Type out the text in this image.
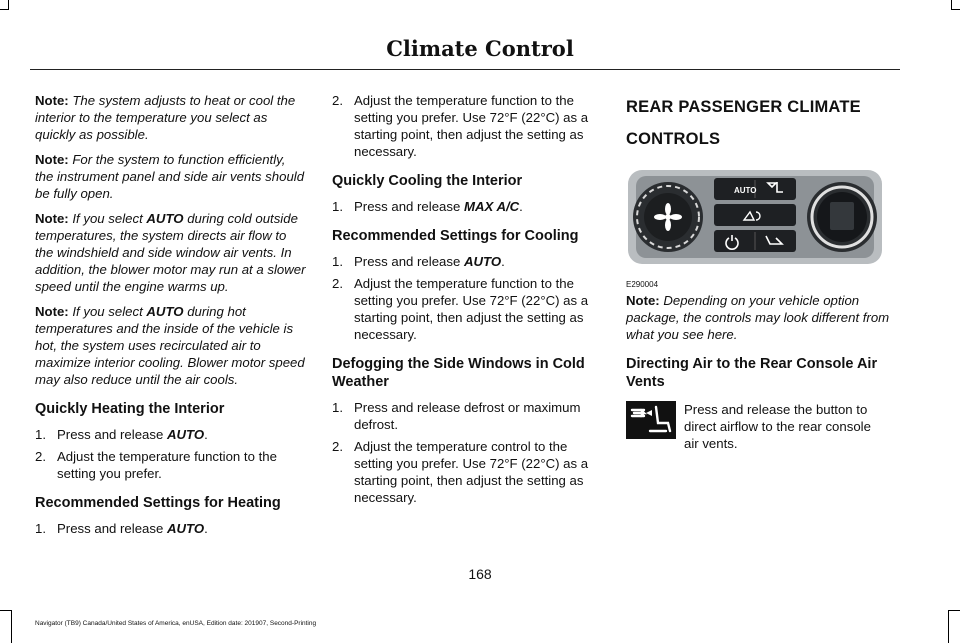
Climate Control

Note: The system adjusts to heat or cool the interior to the temperature you select as quickly as possible.

Note: For the system to function efficiently, the instrument panel and side air vents should be fully open.

Note: If you select AUTO during cold outside temperatures, the system directs air flow to the windshield and side window air vents. In addition, the blower motor may run at a slower speed until the engine warms up.

Note: If you select AUTO during hot temperatures and the inside of the vehicle is hot, the system uses recirculated air to maximize interior cooling. Blower motor speed may also reduce until the air cools.

Quickly Heating the Interior
1. Press and release AUTO.
2. Adjust the temperature function to the setting you prefer.
Recommended Settings for Heating
1. Press and release AUTO.
2. Adjust the temperature function to the setting you prefer. Use 72°F (22°C) as a starting point, then adjust the setting as necessary.
Quickly Cooling the Interior
1. Press and release MAX A/C.
Recommended Settings for Cooling
1. Press and release AUTO.
2. Adjust the temperature function to the setting you prefer. Use 72°F (22°C) as a starting point, then adjust the setting as necessary.
Defogging the Side Windows in Cold Weather
1. Press and release defrost or maximum defrost.
2. Adjust the temperature control to the setting you prefer. Use 72°F (22°C) as a starting point, then adjust the setting as necessary.
REAR PASSENGER CLIMATE
CONTROLS
AUTO
E290004

Note: Depending on your vehicle option package, the controls may look different from what you see here.

Directing Air to the Rear Console Air Vents
Press and release the button to direct airflow to the rear console air vents.
168
Navigator (TB9) Canada/United States of America, enUSA, Edition date: 201907, Second-Printing
